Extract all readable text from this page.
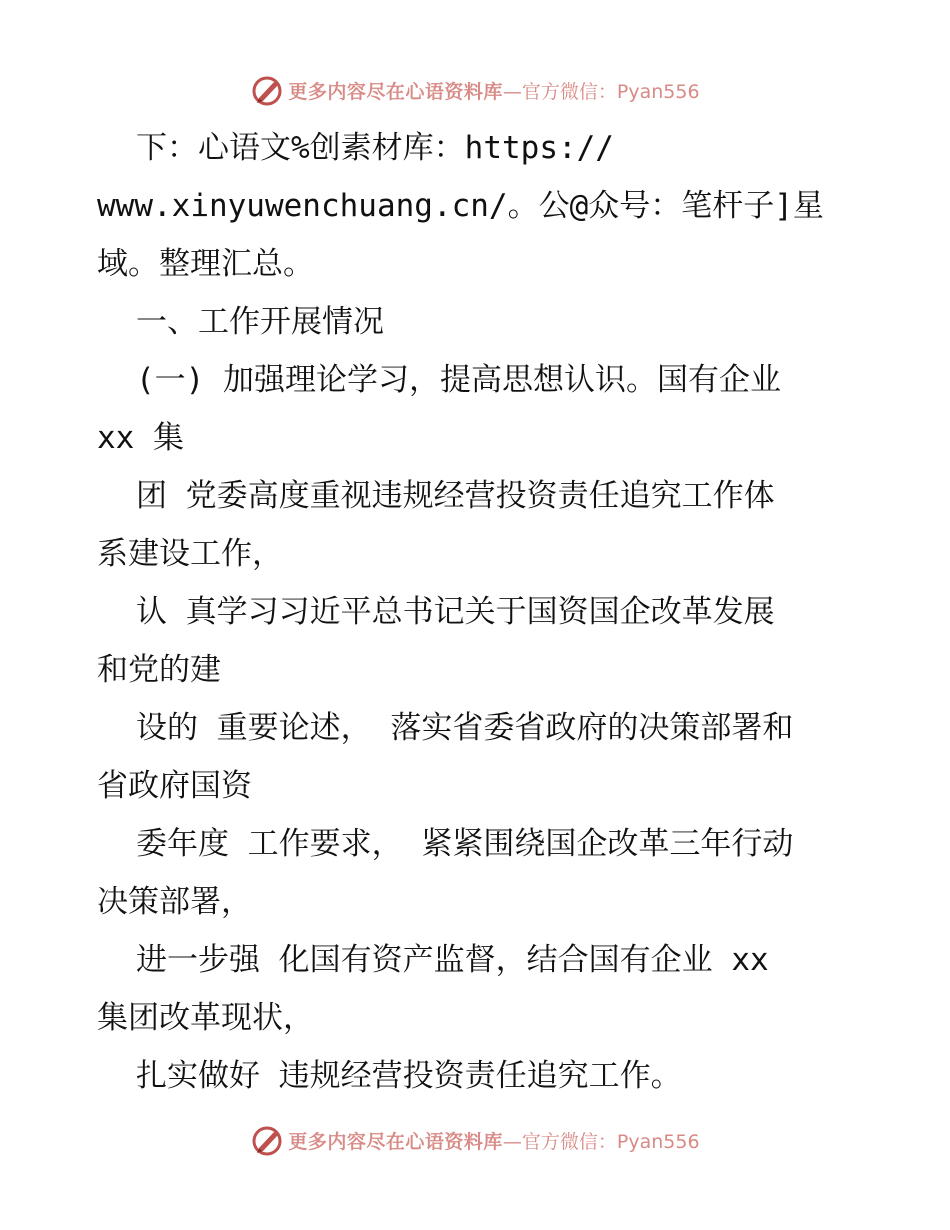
更多内容尽在心语资料库 —官方微信：Pyan556
下：心语文%创素材库：https://
www.xinyuwenchuang.cn/。公@众号：笔杆子]星
域。整理汇总。
一、工作开展情况
(一) 加强理论学习，提高思想认识。国有企业
xx 集
团 党委高度重视违规经营投资责任追究工作体
系建设工作，
认 真学习习近平总书记关于国资国企改革发展
和党的建
设的 重要论述， 落实省委省政府的决策部署和
省政府国资
委年度 工作要求， 紧紧围绕国企改革三年行动
决策部署，
进一步强 化国有资产监督，结合国有企业 xx
集团改革现状，
扎实做好 违规经营投资责任追究工作。
更多内容尽在心语资料库 —官方微信：Pyan556
